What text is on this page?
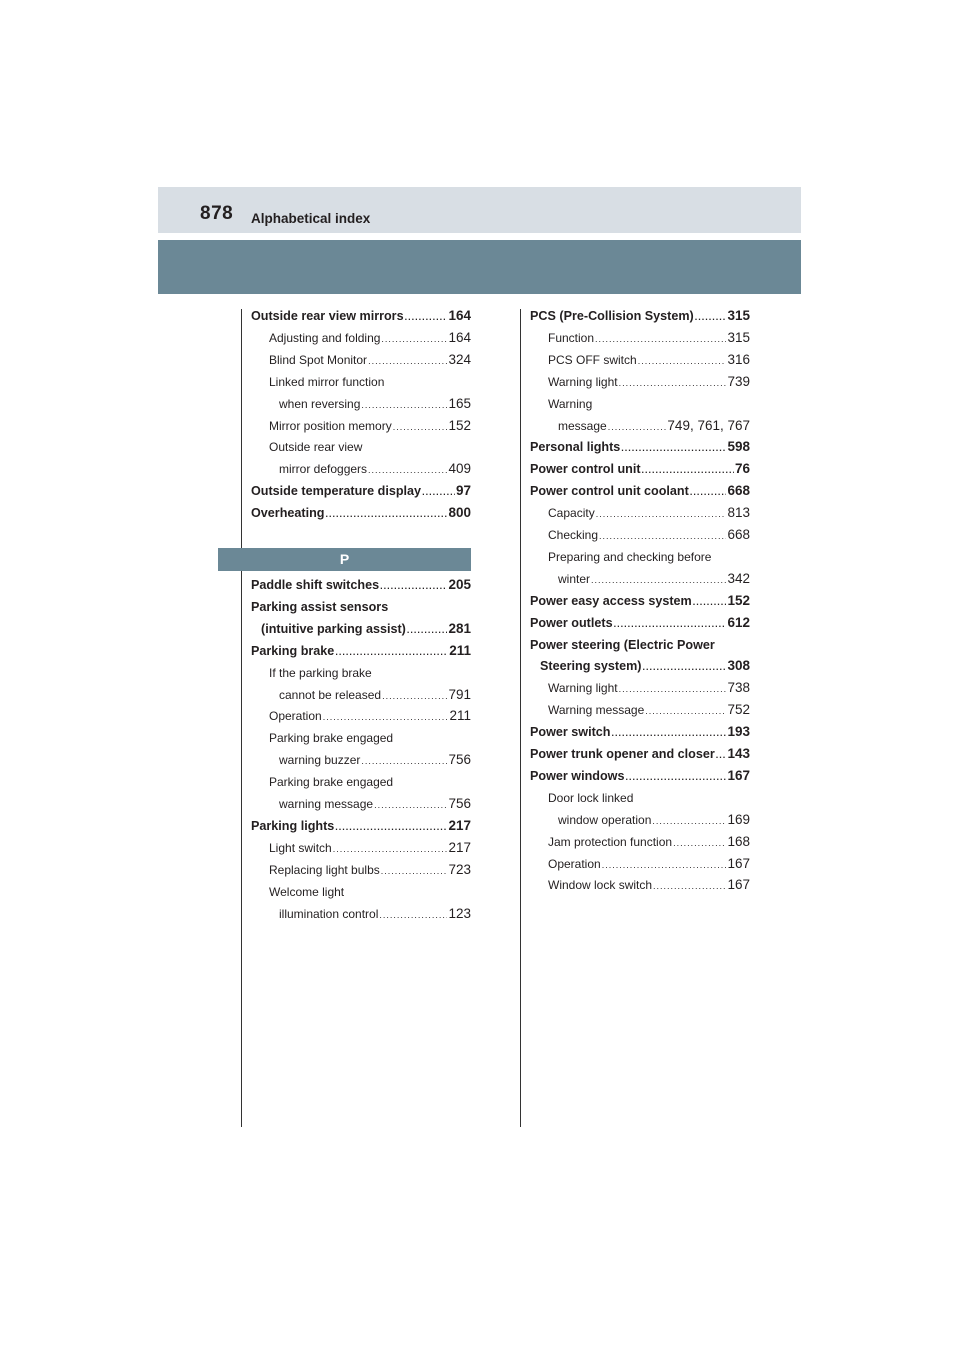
878 Alphabetical index
P
Outside rear view mirrors .....	164
Adjusting and folding .....	164
Blind Spot Monitor .....	324
Linked mirror function
when reversing .....	165
Mirror position memory .....	152
Outside rear view
mirror defoggers .....	409
Outside temperature display .....	97
Overheating .....	800
Paddle shift switches .....	205
Parking assist sensors
(intuitive parking assist) .....	281
Parking brake .....	211
If the parking brake
cannot be released .....	791
Operation .....	211
Parking brake engaged
warning buzzer .....	756
Parking brake engaged
warning message .....	756
Parking lights .....	217
Light switch .....	217
Replacing light bulbs .....	723
Welcome light
illumination control .....	123
PCS (Pre-Collision System) ..... 315
Function .....	315
PCS OFF switch .....	316
Warning light .....	739
Warning
message .....	749, 761, 767
Personal lights .....	598
Power control unit .....	76
Power control unit coolant .....	668
Capacity .....	813
Checking .....	668
Preparing and checking before
winter .....	342
Power easy access system .....	152
Power outlets .....	612
Power steering (Electric Power
Steering system) .....	308
Warning light .....	738
Warning message .....	752
Power switch .....	193
Power trunk opener and closer ..... 143
Power windows .....	167
Door lock linked
window operation .....	169
Jam protection function .....	168
Operation .....	167
Window lock switch .....	167
